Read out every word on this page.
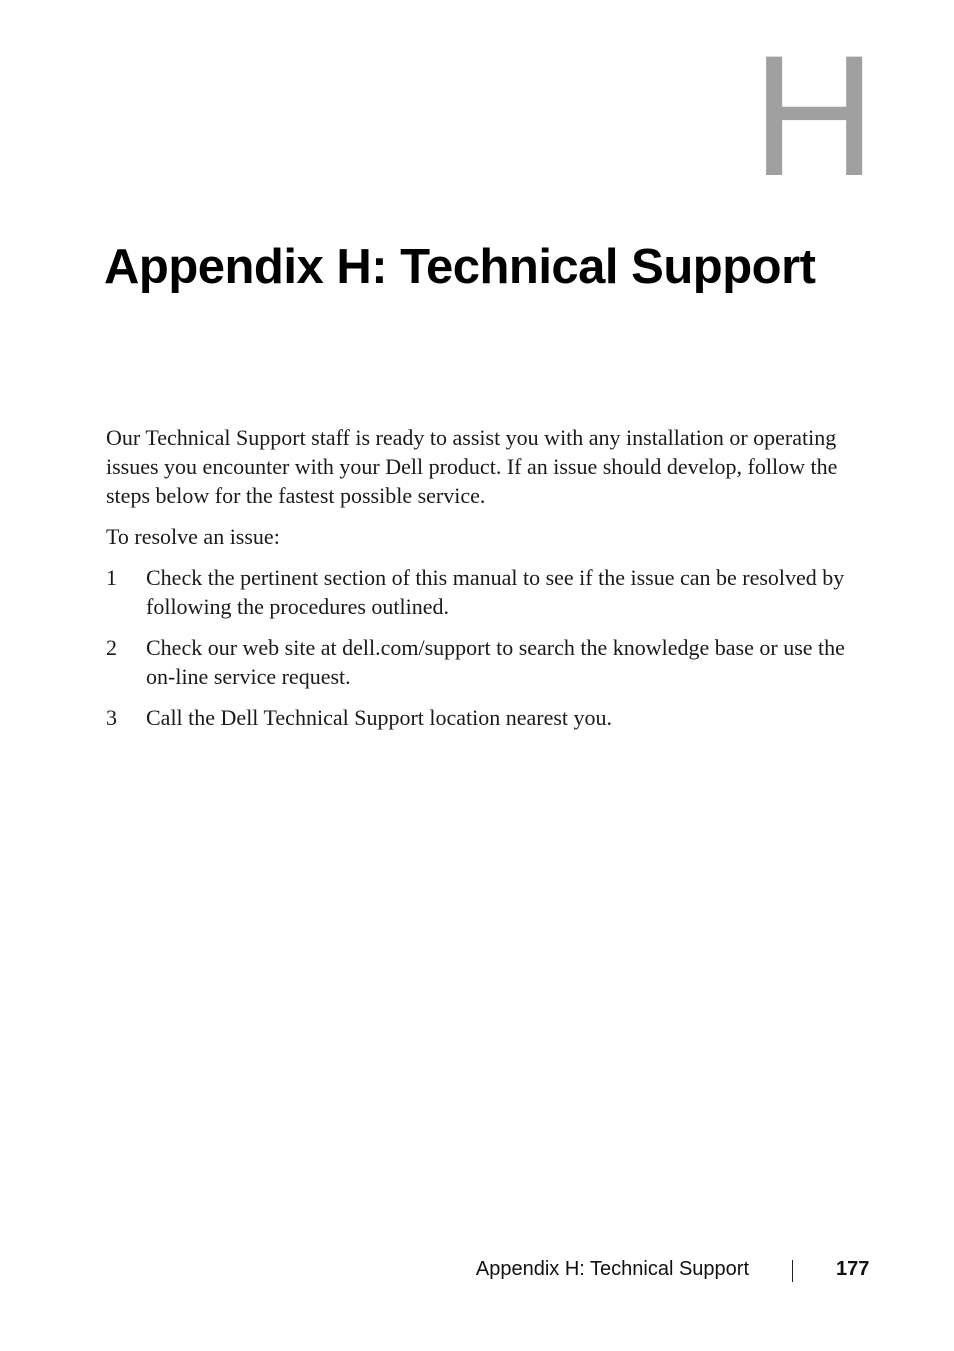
H
Appendix H: Technical Support

Our Technical Support staff is ready to assist you with any installation or operating issues you encounter with your Dell product. If an issue should develop, follow the steps below for the fastest possible service.

To resolve an issue:

1 Check the pertinent section of this manual to see if the issue can be resolved by following the procedures outlined.
2 Check our web site at dell.com/support to search the knowledge base or use the on-line service request.
3 Call the Dell Technical Support location nearest you.
Appendix H: Technical Support	177
